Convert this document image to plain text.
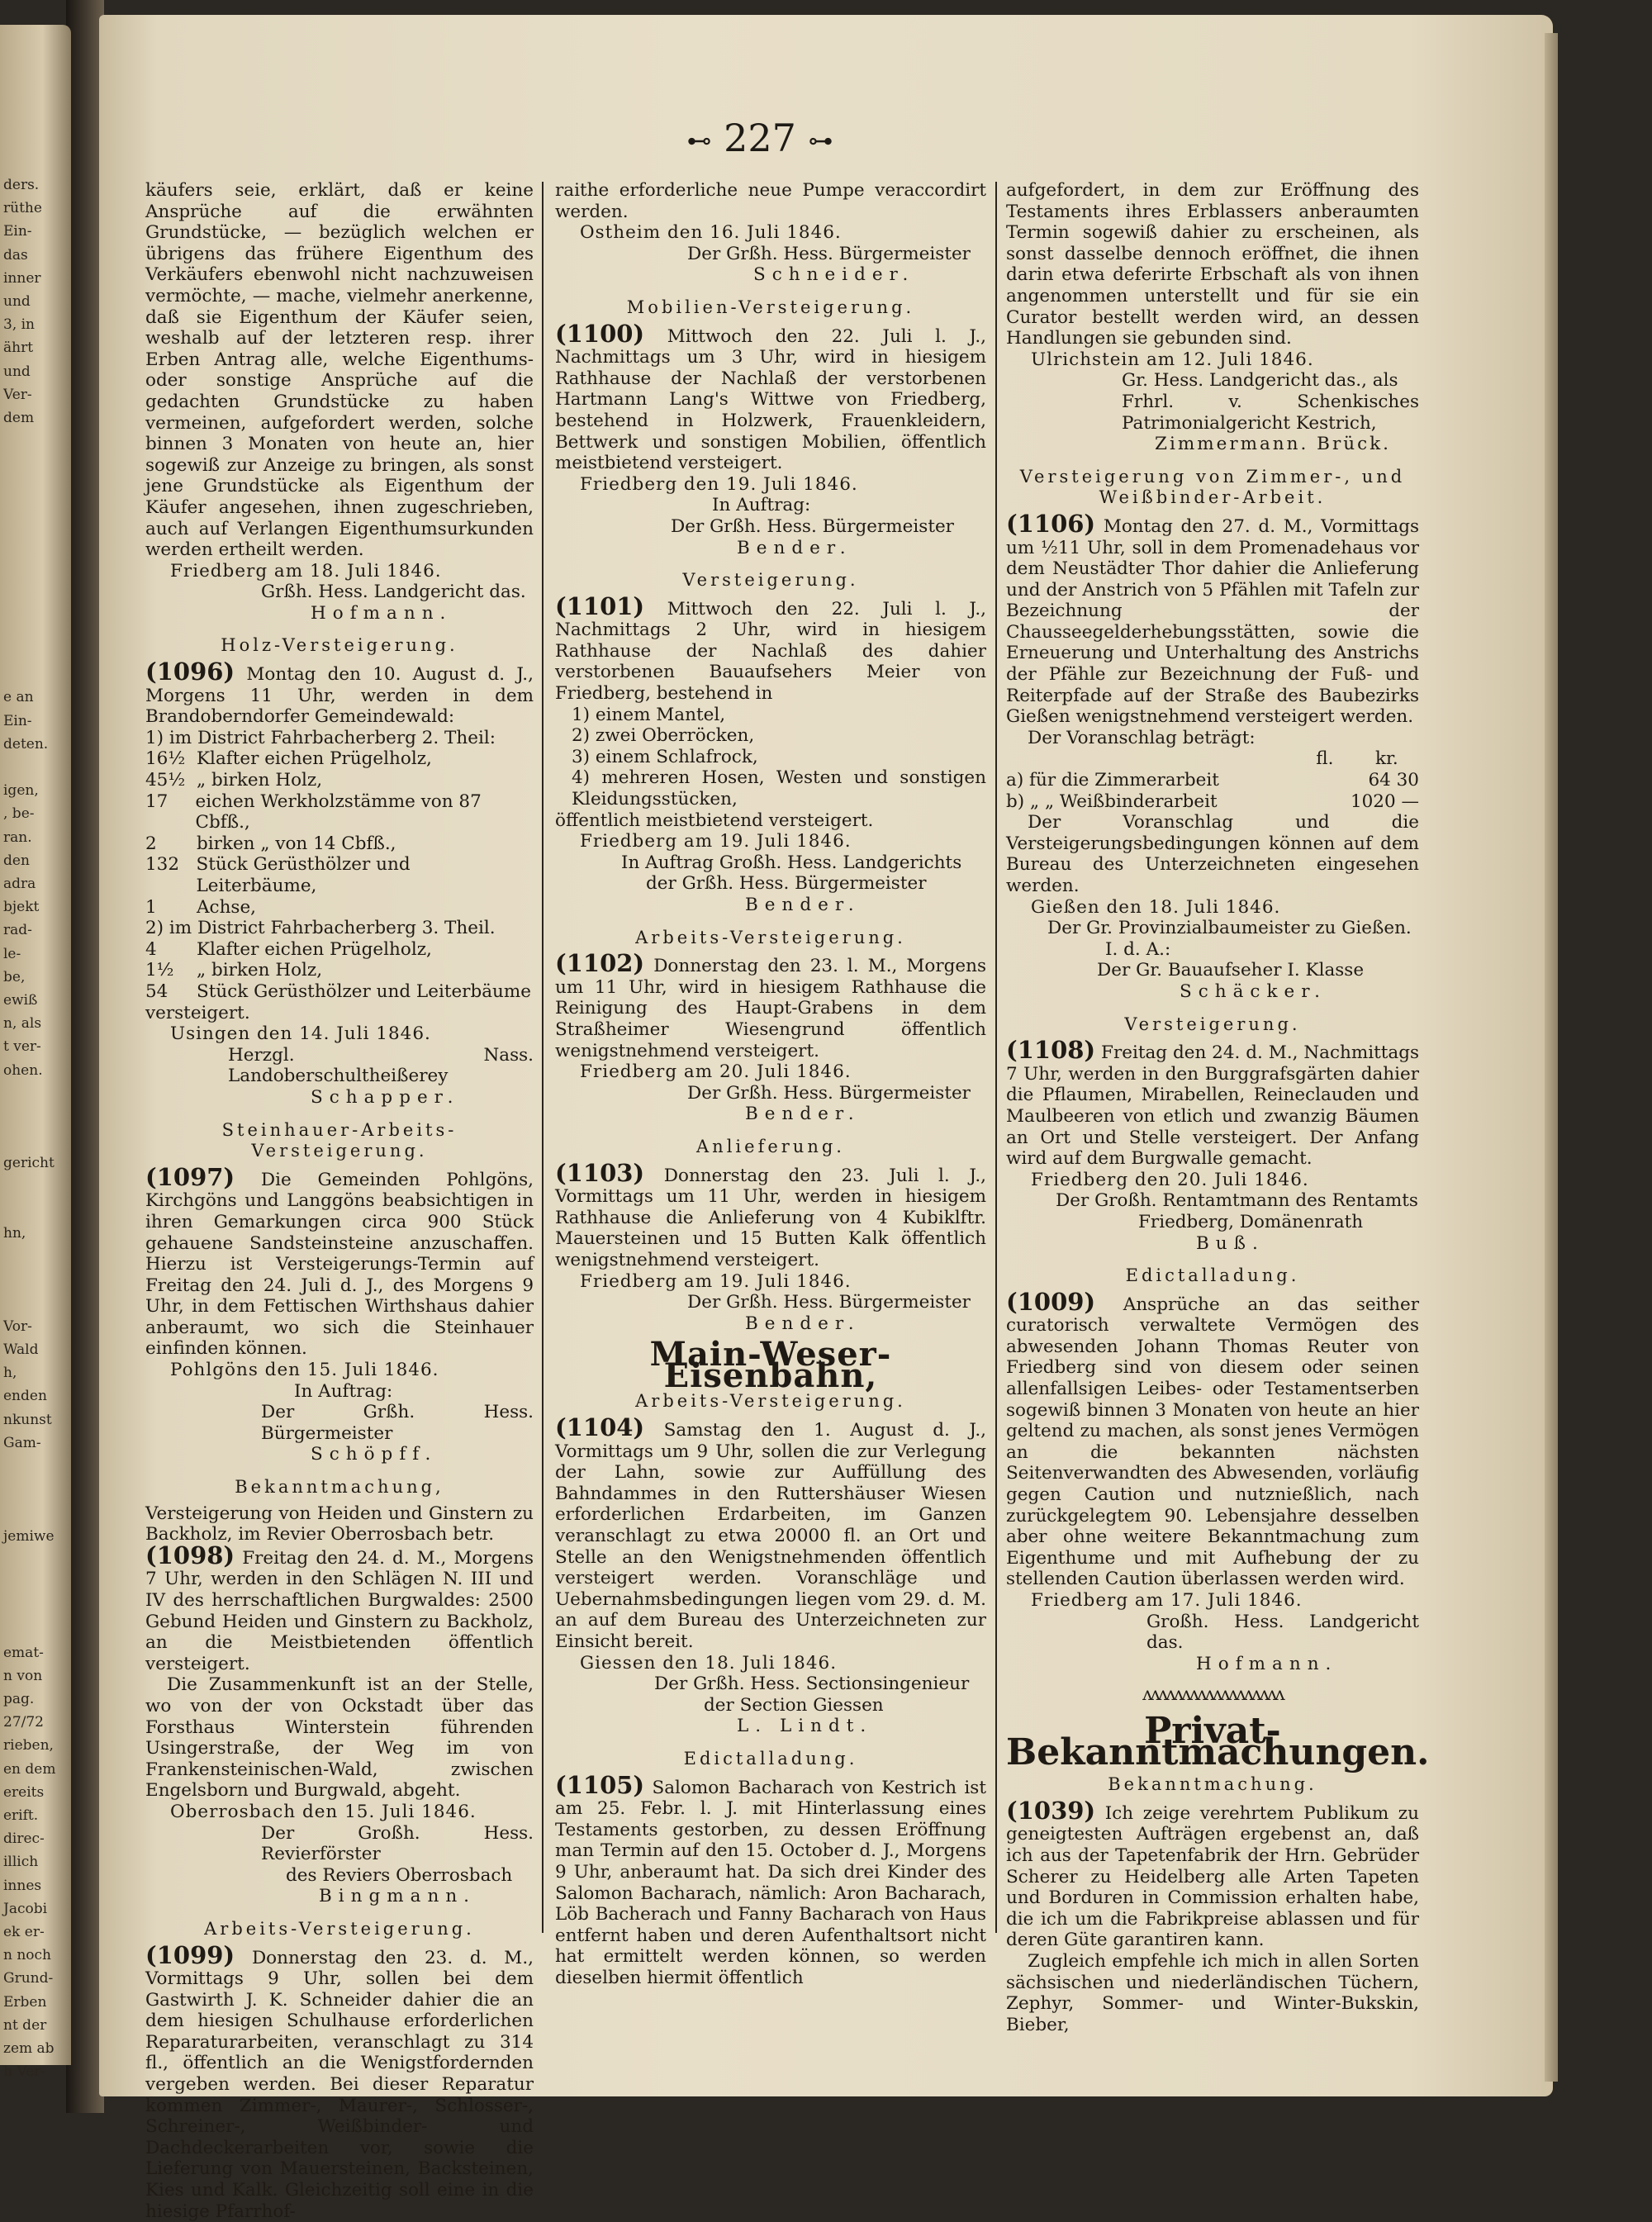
ders.
rüthe
Ein-
das
inner
und
3, in
ährt
und
Ver-
dem
e an
Ein-
deten.
igen,
, be-
ran.
den
adra
bjekt
rad-
le-
be,
ewiß
n, als
t ver-
ohen.
gericht
hn,
Vor-
Wald
h,
enden
nkunst
Gam-
jemiwe
emat-
n von
pag.
27/72
rieben,
en dem
ereits
erift.
direc-
illich
innes
Jacobi
ek er-
n noch
Grund-
Erben
nt der
zem ab
h Ver-
⊷ 227 ⊶

käufers seie, erklärt, daß er keine Ansprüche auf die erwähnten Grundstücke, — bezüglich welchen er übrigens das frühere Eigenthum des Verkäufers ebenwohl nicht nachzuweisen vermöchte, — mache, vielmehr anerkenne, daß sie Eigenthum der Käufer seien, weshalb auf der letzteren resp. ihrer Erben Antrag alle, welche Eigenthums- oder sonstige Ansprüche auf die gedachten Grundstücke zu haben vermeinen, aufgefordert werden, solche binnen 3 Monaten von heute an, hier sogewiß zur Anzeige zu bringen, als sonst jene Grundstücke als Eigenthum der Käufer angesehen, ihnen zugeschrieben, auch auf Verlangen Eigenthumsurkunden werden ertheilt werden.

Friedberg am 18. Juli 1846.

Grßh. Hess. Landgericht das.

Hofmann.

Holz-Versteigerung.

(1096) Montag den 10. August d. J., Morgens 11 Uhr, werden in dem Brandoberndorfer Gemeindewald:

1) im District Fahrbacherberg 2. Theil:

16½ Klafter eichen Prügelholz,
45½ „ birken Holz,
17	eichen Werkholzstämme von 87 Cbfß.,
2	birken „ von 14 Cbfß.,
132 Stück Gerüsthölzer und Leiterbäume,
1	Achse,

2) im District Fahrbacherberg 3. Theil.

4	Klafter eichen Prügelholz,
1½	„ birken Holz,
54	Stück Gerüsthölzer und Leiterbäume

versteigert.

Usingen den 14. Juli 1846.

Herzgl. Nass. Landoberschultheißerey

Schapper.

Steinhauer-Arbeits-Versteigerung.

(1097) Die Gemeinden Pohlgöns, Kirchgöns und Langgöns beabsichtigen in ihren Gemarkungen circa 900 Stück gehauene Sandsteinsteine anzuschaffen. Hierzu ist Versteigerungs-Termin auf Freitag den 24. Juli d. J., des Morgens 9 Uhr, in dem Fettischen Wirthshaus dahier anberaumt, wo sich die Steinhauer einfinden können.

Pohlgöns den 15. Juli 1846.

In Auftrag:

Der Grßh. Hess. Bürgermeister

Schöpff.

Bekanntmachung,

Versteigerung von Heiden und Ginstern zu Backholz, im Revier Oberrosbach betr.

(1098) Freitag den 24. d. M., Morgens 7 Uhr, werden in den Schlägen N. III und IV des herrschaftlichen Burgwaldes: 2500 Gebund Heiden und Ginstern zu Backholz, an die Meistbietenden öffentlich versteigert.

Die Zusammenkunft ist an der Stelle, wo von der von Ockstadt über das Forsthaus Winterstein führenden Usingerstraße, der Weg im von Frankensteinischen-Wald, zwischen Engelsborn und Burgwald, abgeht.

Oberrosbach den 15. Juli 1846.

Der Großh. Hess. Revierförster

des Reviers Oberrosbach

Bingmann.

Arbeits-Versteigerung.

(1099) Donnerstag den 23. d. M., Vormittags 9 Uhr, sollen bei dem Gastwirth J. K. Schneider dahier die an dem hiesigen Schulhause erforderlichen Reparaturarbeiten, veranschlagt zu 314 fl., öffentlich an die Wenigstfordernden vergeben werden. Bei dieser Reparatur kommen Zimmer-, Maurer-, Schlosser-, Schreiner-, Weißbinder- und Dachdeckerarbeiten vor, sowie die Lieferung von Mauersteinen, Backsteinen, Kies und Kalk. Gleichzeitig soll eine in die hiesige Pfarrhof-

raithe erforderliche neue Pumpe veraccordirt werden.

Ostheim den 16. Juli 1846.

Der Grßh. Hess. Bürgermeister

Schneider.

Mobilien-Versteigerung.

(1100) Mittwoch den 22. Juli l. J., Nachmittags um 3 Uhr, wird in hiesigem Rathhause der Nachlaß der verstorbenen Hartmann Lang's Wittwe von Friedberg, bestehend in Holzwerk, Frauenkleidern, Bettwerk und sonstigen Mobilien, öffentlich meistbietend versteigert.

Friedberg den 19. Juli 1846.

In Auftrag:

Der Grßh. Hess. Bürgermeister

Bender.

Versteigerung.

(1101) Mittwoch den 22. Juli l. J., Nachmittags 2 Uhr, wird in hiesigem Rathhause der Nachlaß des dahier verstorbenen Bauaufsehers Meier von Friedberg, bestehend in

1) einem Mantel,

2) zwei Oberröcken,

3) einem Schlafrock,

4) mehreren Hosen, Westen und sonstigen Kleidungsstücken,

öffentlich meistbietend versteigert.

Friedberg am 19. Juli 1846.

In Auftrag Großh. Hess. Landgerichts

der Grßh. Hess. Bürgermeister

Bender.

Arbeits-Versteigerung.

(1102) Donnerstag den 23. l. M., Morgens um 11 Uhr, wird in hiesigem Rathhause die Reinigung des Haupt-Grabens in dem Straßheimer Wiesengrund öffentlich wenigstnehmend versteigert.

Friedberg am 20. Juli 1846.

Der Grßh. Hess. Bürgermeister

Bender.

Anlieferung.

(1103) Donnerstag den 23. Juli l. J., Vormittags um 11 Uhr, werden in hiesigem Rathhause die Anlieferung von 4 Kubiklftr. Mauersteinen und 15 Butten Kalk öffentlich wenigstnehmend versteigert.

Friedberg am 19. Juli 1846.

Der Grßh. Hess. Bürgermeister

Bender.

Main-Weser-Eisenbahn,

Arbeits-Versteigerung.

(1104) Samstag den 1. August d. J., Vormittags um 9 Uhr, sollen die zur Verlegung der Lahn, sowie zur Auffüllung des Bahndammes in den Ruttershäuser Wiesen erforderlichen Erdarbeiten, im Ganzen veranschlagt zu etwa 20000 fl. an Ort und Stelle an den Wenigstnehmenden öffentlich versteigert werden. Voranschläge und Uebernahmsbedingungen liegen vom 29. d. M. an auf dem Bureau des Unterzeichneten zur Einsicht bereit.

Giessen den 18. Juli 1846.

Der Grßh. Hess. Sectionsingenieur

der Section Giessen

L. Lindt.

Edictalladung.

(1105) Salomon Bacharach von Kestrich ist am 25. Febr. l. J. mit Hinterlassung eines Testaments gestorben, zu dessen Eröffnung man Termin auf den 15. October d. J., Morgens 9 Uhr, anberaumt hat. Da sich drei Kinder des Salomon Bacharach, nämlich: Aron Bacharach, Löb Bacherach und Fanny Bacharach von Haus entfernt haben und deren Aufenthaltsort nicht hat ermittelt werden können, so werden dieselben hiermit öffentlich

aufgefordert, in dem zur Eröffnung des Testaments ihres Erblassers anberaumten Termin sogewiß dahier zu erscheinen, als sonst dasselbe dennoch eröffnet, die ihnen darin etwa deferirte Erbschaft als von ihnen angenommen unterstellt und für sie ein Curator bestellt werden wird, an dessen Handlungen sie gebunden sind.

Ulrichstein am 12. Juli 1846.

Gr. Hess. Landgericht das., als

Frhrl. v. Schenkisches Patrimonialgericht Kestrich,

Zimmermann. Brück.

Versteigerung von Zimmer-, und Weißbinder-Arbeit.

(1106) Montag den 27. d. M., Vormittags um ½11 Uhr, soll in dem Promenadehaus vor dem Neustädter Thor dahier die Anlieferung und der Anstrich von 5 Pfählen mit Tafeln zur Bezeichnung der Chausseegelderhebungsstätten, sowie die Erneuerung und Unterhaltung des Anstrichs der Pfähle zur Bezeichnung der Fuß- und Reiterpfade auf der Straße des Baubezirks Gießen wenigstnehmend versteigert werden.

Der Voranschlag beträgt:

fl. kr.
a) für die Zimmerarbeit	64 30
b) „ „ Weißbinderarbeit	1020 —

Der Voranschlag und die Versteigerungsbedingungen können auf dem Bureau des Unterzeichneten eingesehen werden.

Gießen den 18. Juli 1846.

Der Gr. Provinzialbaumeister zu Gießen.

I. d. A.:

Der Gr. Bauaufseher I. Klasse

Schäcker.

Versteigerung.

(1108) Freitag den 24. d. M., Nachmittags 7 Uhr, werden in den Burggrafsgärten dahier die Pflaumen, Mirabellen, Reineclauden und Maulbeeren von etlich und zwanzig Bäumen an Ort und Stelle versteigert. Der Anfang wird auf dem Burgwalle gemacht.

Friedberg den 20. Juli 1846.

Der Großh. Rentamtmann des Rentamts

Friedberg, Domänenrath

Buß.

Edictalladung.

(1009) Ansprüche an das seither curatorisch verwaltete Vermögen des abwesenden Johann Thomas Reuter von Friedberg sind von diesem oder seinen allenfallsigen Leibes- oder Testamentserben sogewiß binnen 3 Monaten von heute an hier geltend zu machen, als sonst jenes Vermögen an die bekannten nächsten Seitenverwandten des Abwesenden, vorläufig gegen Caution und nutznießlich, nach zurückgelegtem 90. Lebensjahre desselben aber ohne weitere Bekanntmachung zum Eigenthume und mit Aufhebung der zu stellenden Caution überlassen werden wird.

Friedberg am 17. Juli 1846.

Großh. Hess. Landgericht das.

Hofmann.

ʌʌʌʌʌʌʌʌʌʌʌʌʌʌʌʌʌʌ

Privat-Bekanntmachungen.

Bekanntmachung.

(1039) Ich zeige verehrtem Publikum zu geneigtesten Aufträgen ergebenst an, daß ich aus der Tapetenfabrik der Hrn. Gebrüder Scherer zu Heidelberg alle Arten Tapeten und Borduren in Commission erhalten habe, die ich um die Fabrikpreise ablassen und für deren Güte garantiren kann.

Zugleich empfehle ich mich in allen Sorten sächsischen und niederländischen Tüchern, Zephyr, Sommer- und Winter-Bukskin, Bieber,
